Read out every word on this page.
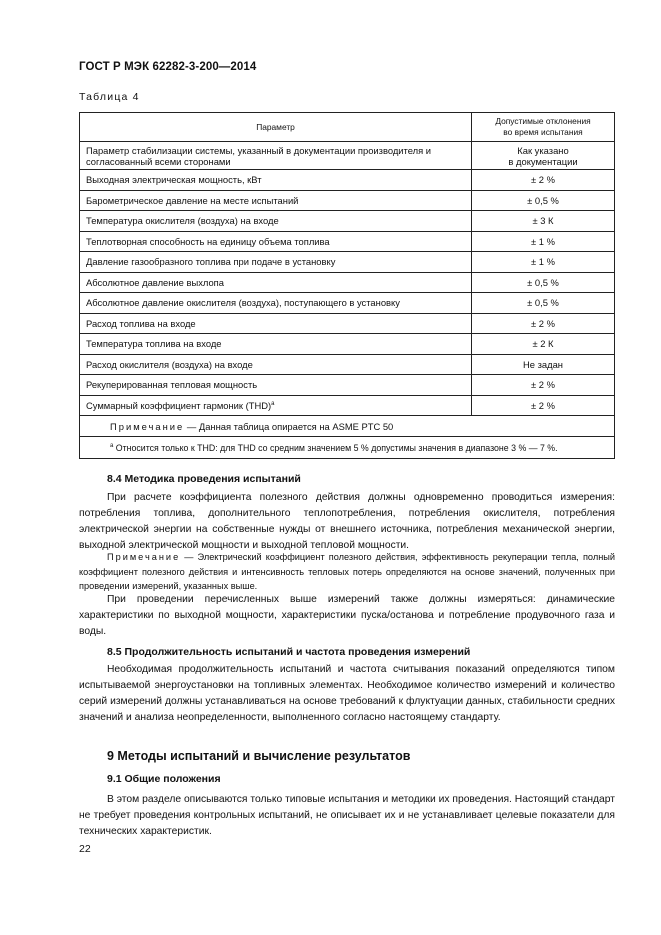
ГОСТ Р МЭК 62282-3-200—2014
Таблица 4
Параметр	Допустимые отклонения
во время испытания
Параметр стабилизации системы, указанный в документации производителя и согласованный всеми сторонами	Как указано
в документации
Выходная электрическая мощность, кВт	± 2 %
Барометрическое давление на месте испытаний	± 0,5 %
Температура окислителя (воздуха) на входе	± 3 К
Теплотворная способность на единицу объема топлива	± 1 %
Давление газообразного топлива при подаче в установку	± 1 %
Абсолютное давление выхлопа	± 0,5 %
Абсолютное давление окислителя (воздуха), поступающего в установку	± 0,5 %
Расход топлива на входе	± 2 %
Температура топлива на входе	± 2 К
Расход окислителя (воздуха) на входе	Не задан
Рекуперированная тепловая мощность	± 2 %
Суммарный коэффициент гармоник (THD)$^а$	± 2 %
Примечание — Данная таблица опирается на ASME PTC 50	
$^а$ Относится только к THD: для THD со средним значением 5 % допустимы значения в диапазоне 3 % — 7 %.	
8.4 Методика проведения испытаний
При расчете коэффициента полезного действия должны одновременно проводиться измерения: потребления топлива, дополнительного теплопотребления, потребления окислителя, потребления электрической энергии на собственные нужды от внешнего источника, потребления механической энергии, выходной электрической мощности и выходной тепловой мощности.
Примечание — Электрический коэффициент полезного действия, эффективность рекуперации тепла, полный коэффициент полезного действия и интенсивность тепловых потерь определяются на основе значений, полученных при проведении измерений, указанных выше.
При проведении перечисленных выше измерений также должны измеряться: динамические характеристики по выходной мощности, характеристики пуска/останова и потребление продувочного газа и воды.
8.5 Продолжительность испытаний и частота проведения измерений
Необходимая продолжительность испытаний и частота считывания показаний определяются типом испытываемой энергоустановки на топливных элементах. Необходимое количество измерений и количество серий измерений должны устанавливаться на основе требований к флуктуации данных, стабильности средних значений и анализа неопределенности, выполненного согласно настоящему стандарту.
9 Методы испытаний и вычисление результатов
9.1 Общие положения
В этом разделе описываются только типовые испытания и методики их проведения. Настоящий стандарт не требует проведения контрольных испытаний, не описывает их и не устанавливает целевые показатели для технических характеристик.
22
